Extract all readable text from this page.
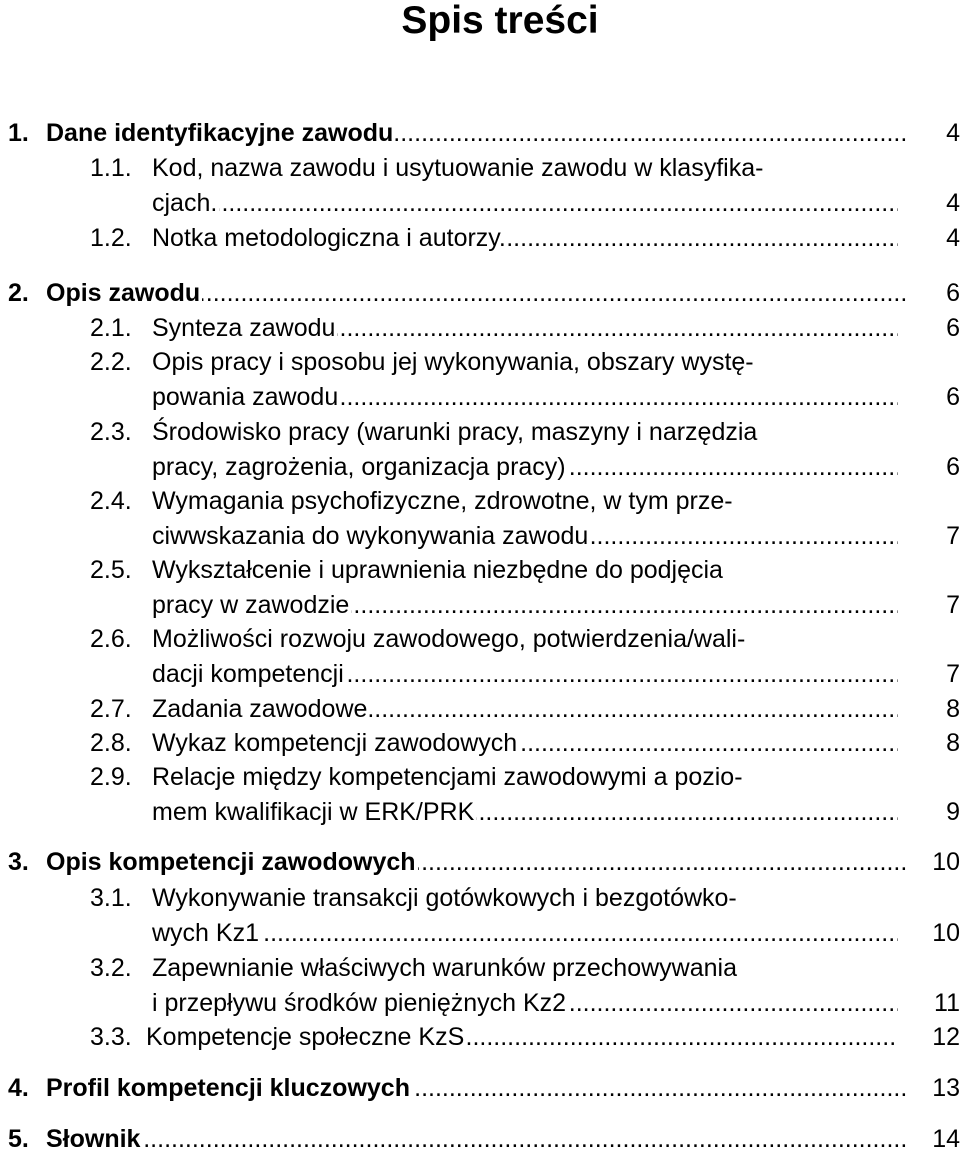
Spis treści
1. Dane identyfikacyjne zawodu .....	4
1.1. Kod, nazwa zawodu i usytuowanie zawodu w klasyfika-
cjach. .....	4
1.2. Notka metodologiczna i autorzy. .....	4
2. Opis zawodu .....	6
2.1. Synteza zawodu .....	6
2.2. Opis pracy i sposobu jej wykonywania, obszary wystę-
powania zawodu .....	6
2.3. Środowisko pracy (warunki pracy, maszyny i narzędzia
pracy, zagrożenia, organizacja pracy) .....	6
2.4. Wymagania psychofizyczne, zdrowotne, w tym prze-
ciwwskazania do wykonywania zawodu .....	7
2.5. Wykształcenie i uprawnienia niezbędne do podjęcia
pracy w zawodzie .....	7
2.6. Możliwości rozwoju zawodowego, potwierdzenia/wali-
dacji kompetencji .....	7
2.7. Zadania zawodowe .....	8
2.8. Wykaz kompetencji zawodowych .....	8
2.9. Relacje między kompetencjami zawodowymi a pozio-
mem kwalifikacji w ERK/PRK .....	9
3. Opis kompetencji zawodowych .....	10
3.1. Wykonywanie transakcji gotówkowych i bezgotówko-
wych Kz1 .....	10
3.2. Zapewnianie właściwych warunków przechowywania
i przepływu środków pieniężnych Kz2 .....	11
3.3. Kompetencje społeczne KzS .....	12
4. Profil kompetencji kluczowych .....	13
5. Słownik .....	14
